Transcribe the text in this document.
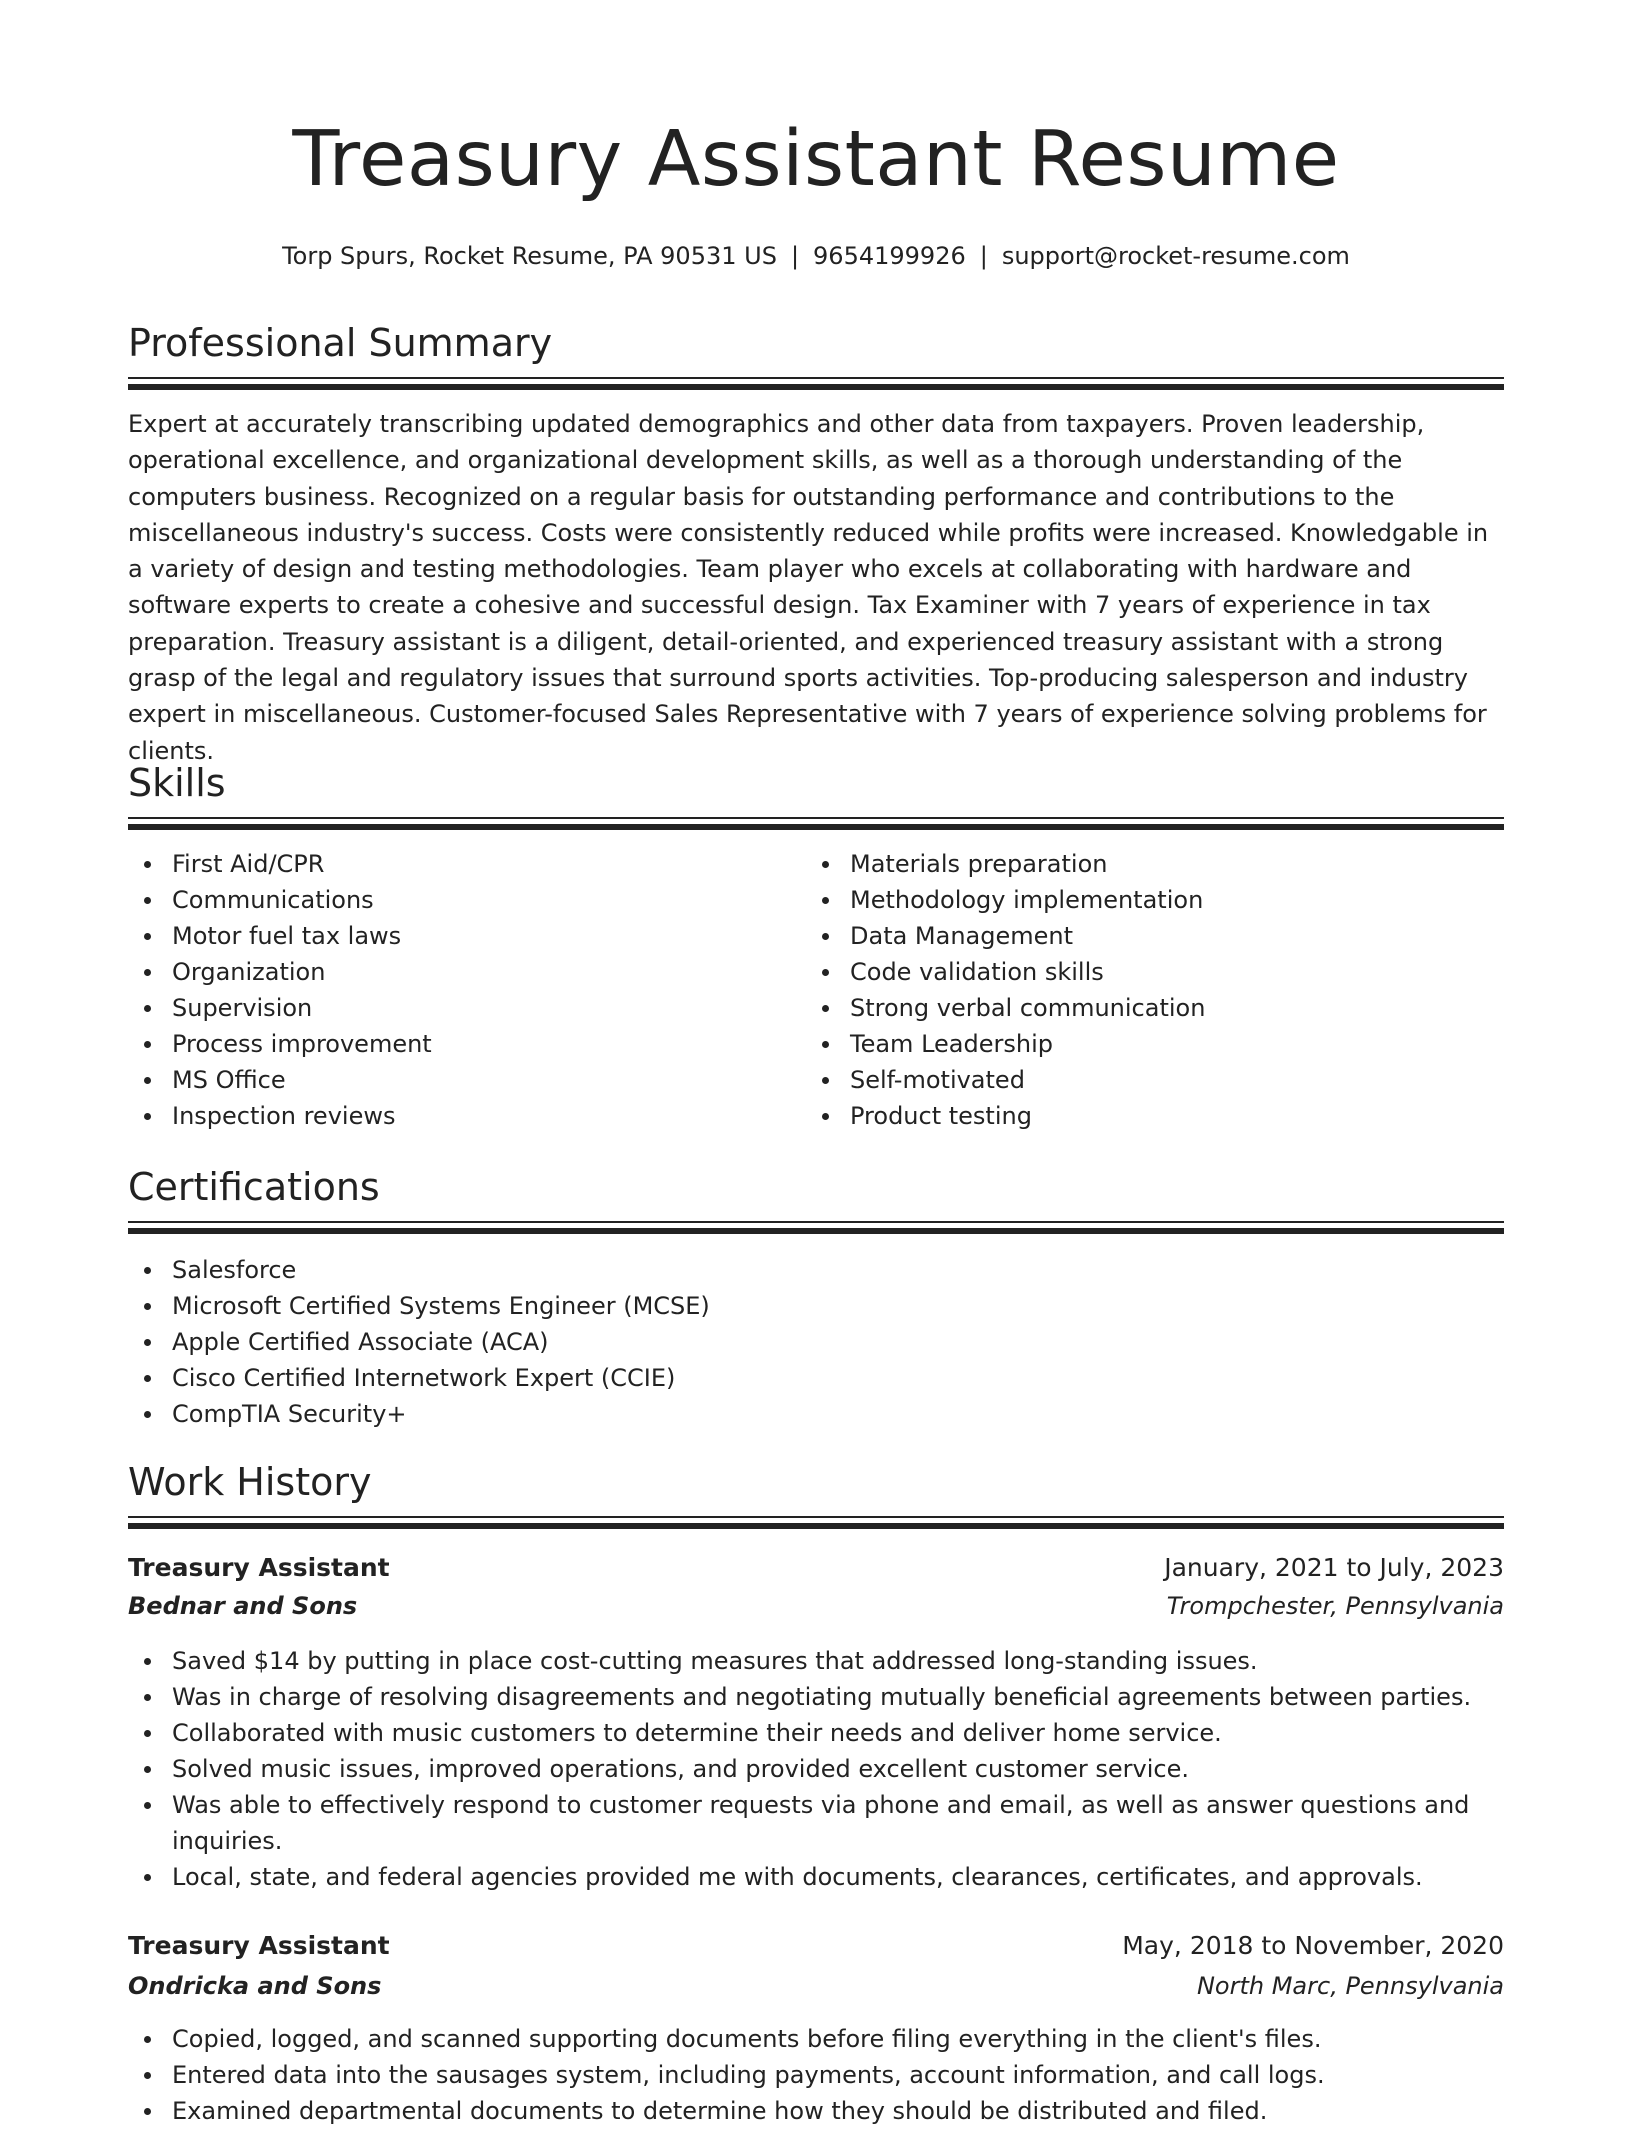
Treasury Assistant Resume
Torp Spurs, Rocket Resume, PA 90531 US | 9654199926 | support@rocket-resume.com
Professional Summary

Expert at accurately transcribing updated demographics and other data from taxpayers. Proven leadership, operational excellence, and organizational development skills, as well as a thorough understanding of the computers business. Recognized on a regular basis for outstanding performance and contributions to the miscellaneous industry's success. Costs were consistently reduced while profits were increased. Knowledgable in a variety of design and testing methodologies. Team player who excels at collaborating with hardware and software experts to create a cohesive and successful design. Tax Examiner with 7 years of experience in tax preparation. Treasury assistant is a diligent, detail-oriented, and experienced treasury assistant with a strong grasp of the legal and regulatory issues that surround sports activities. Top-producing salesperson and industry expert in miscellaneous. Customer-focused Sales Representative with 7 years of experience solving problems for clients.

Skills
First Aid/CPR
Communications
Motor fuel tax laws
Organization
Supervision
Process improvement
MS Office
Inspection reviews
Materials preparation
Methodology implementation
Data Management
Code validation skills
Strong verbal communication
Team Leadership
Self-motivated
Product testing
Certifications
Salesforce
Microsoft Certified Systems Engineer (MCSE)
Apple Certified Associate (ACA)
Cisco Certified Internetwork Expert (CCIE)
CompTIA Security+
Work History
Treasury Assistant	January, 2021 to July, 2023
Bednar and Sons	Trompchester, Pennsylvania
Saved $14 by putting in place cost-cutting measures that addressed long-standing issues.
Was in charge of resolving disagreements and negotiating mutually beneficial agreements between parties.
Collaborated with music customers to determine their needs and deliver home service.
Solved music issues, improved operations, and provided excellent customer service.
Was able to effectively respond to customer requests via phone and email, as well as answer questions and inquiries.
Local, state, and federal agencies provided me with documents, clearances, certificates, and approvals.
Treasury Assistant	May, 2018 to November, 2020
Ondricka and Sons	North Marc, Pennsylvania
Copied, logged, and scanned supporting documents before filing everything in the client's files.
Entered data into the sausages system, including payments, account information, and call logs.
Examined departmental documents to determine how they should be distributed and filed.
